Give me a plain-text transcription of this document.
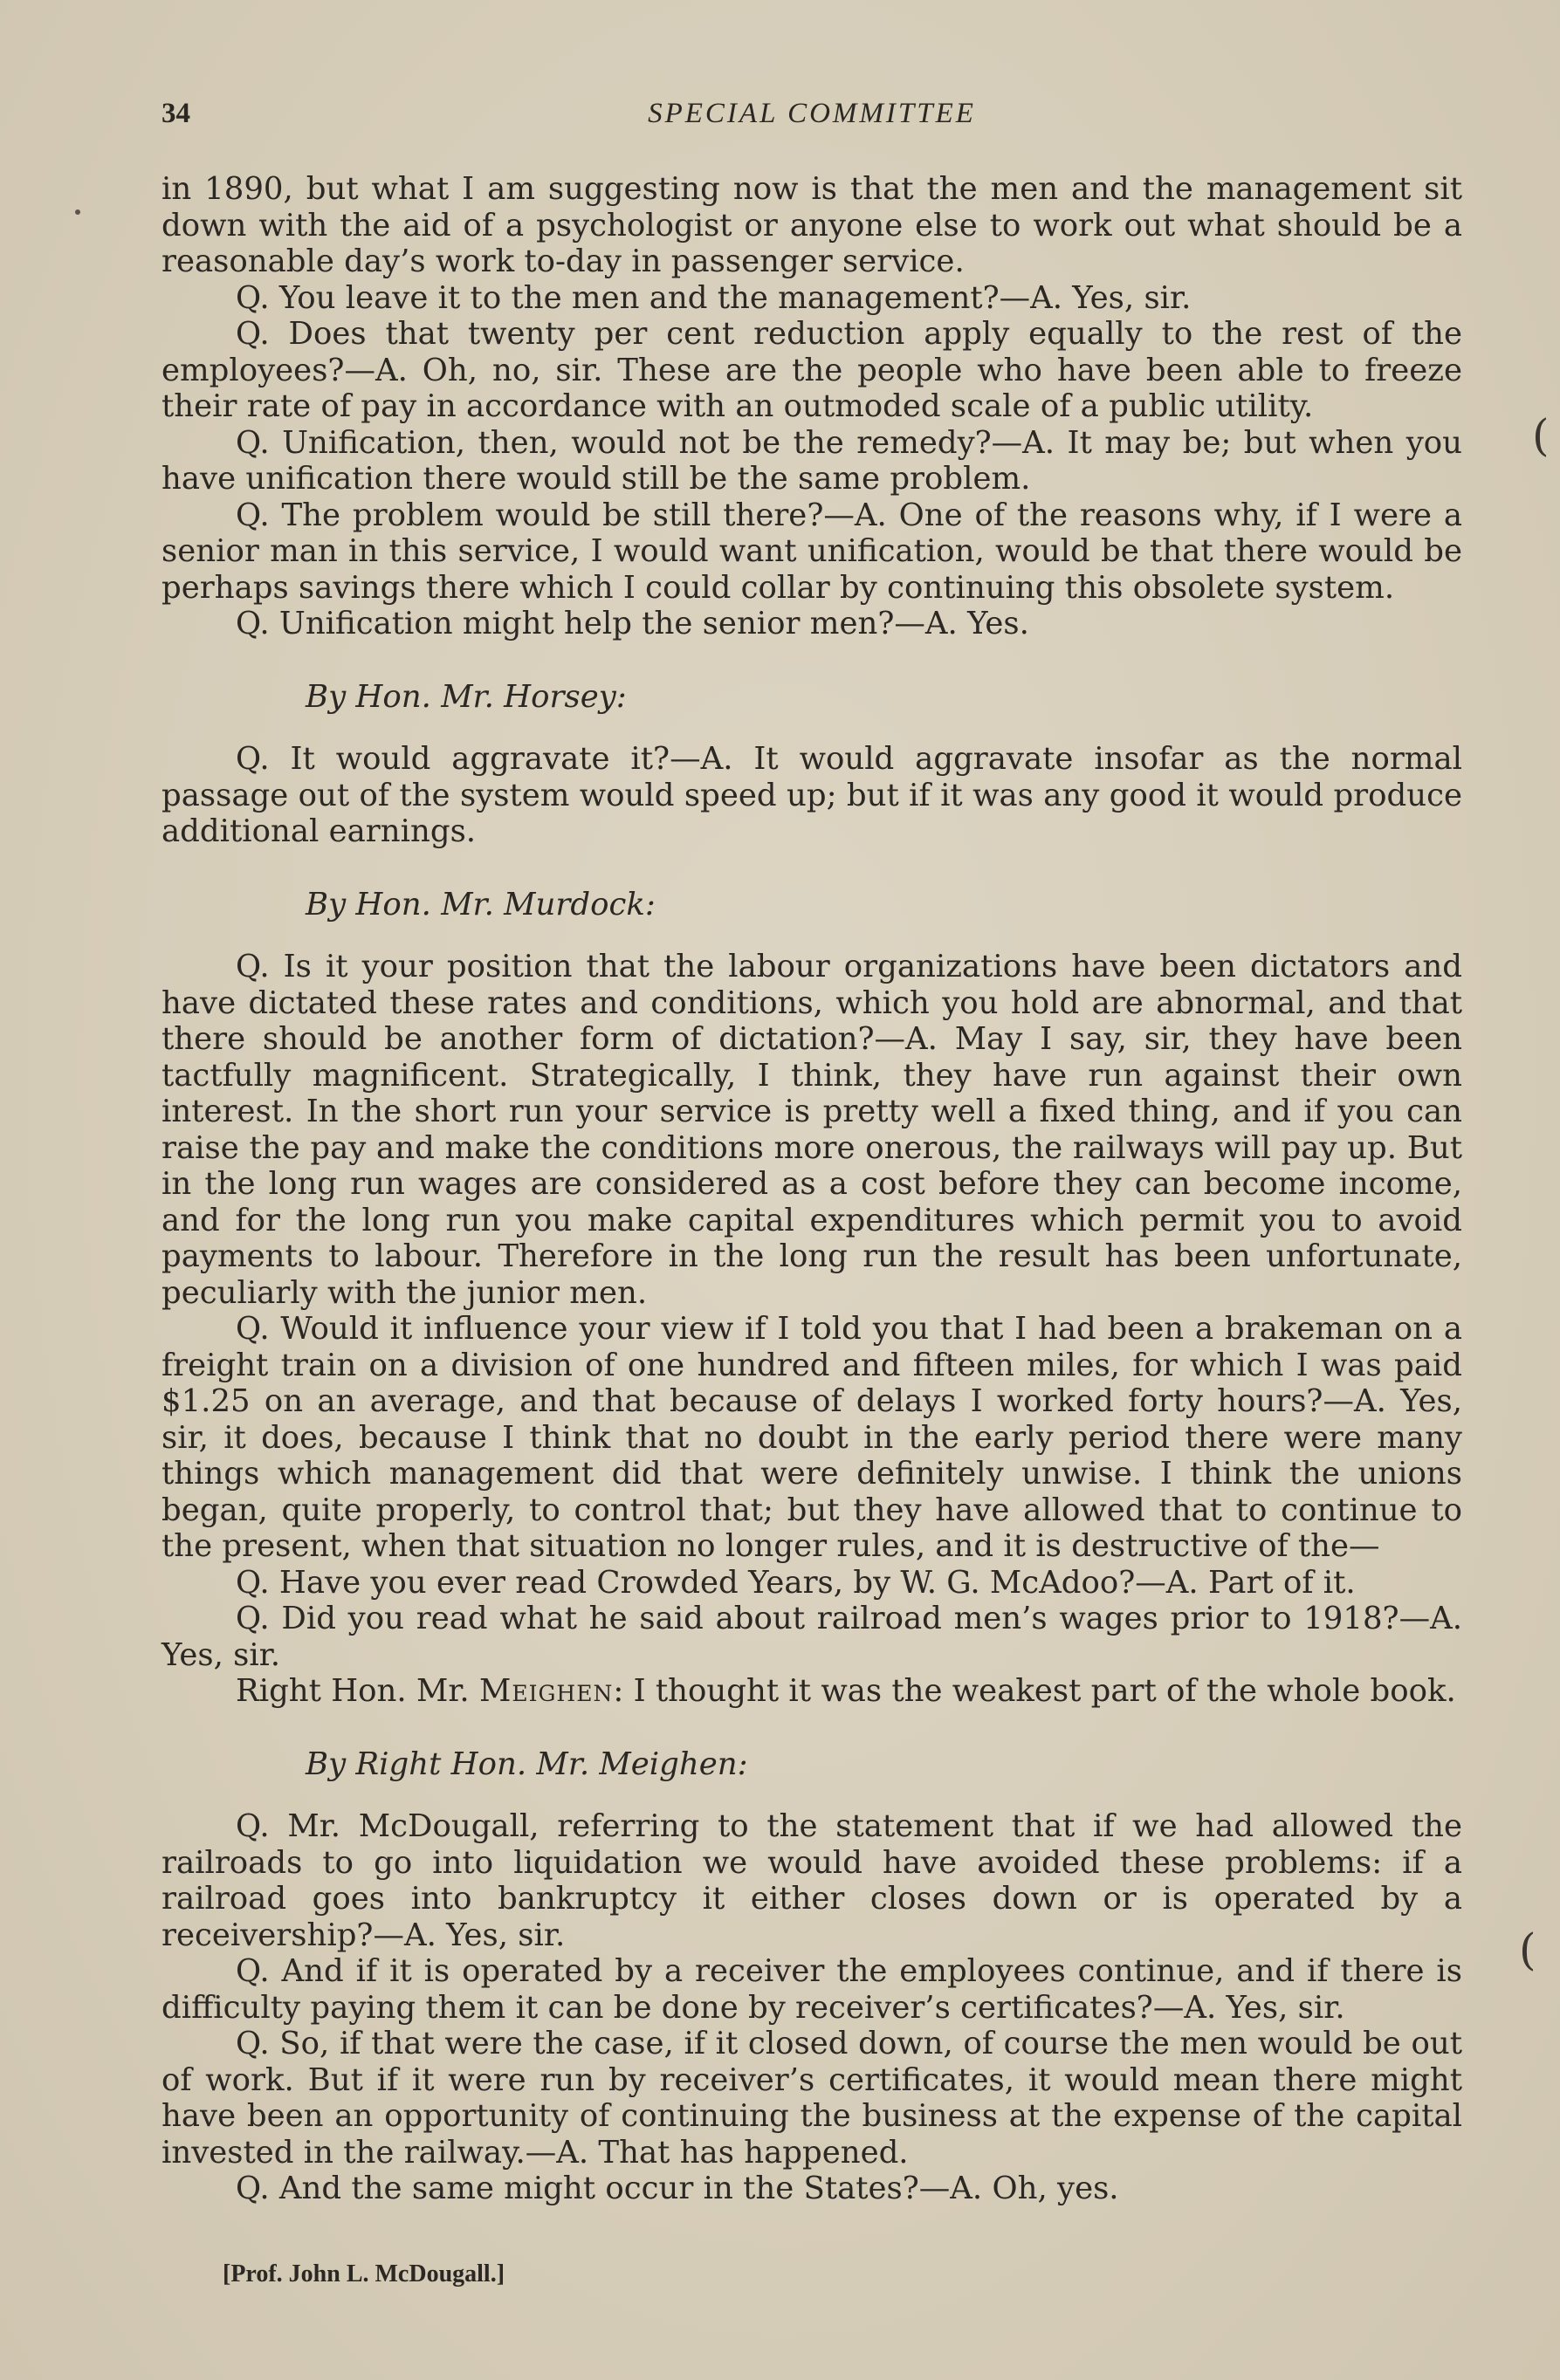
34	SPECIAL COMMITTEE

in 1890, but what I am suggesting now is that the men and the management sit down with the aid of a psychologist or anyone else to work out what should be a reasonable day’s work to-day in passenger service.

Q. You leave it to the men and the management?—A. Yes, sir.

Q. Does that twenty per cent reduction apply equally to the rest of the employees?—A. Oh, no, sir. These are the people who have been able to freeze their rate of pay in accordance with an outmoded scale of a public utility.

Q. Unification, then, would not be the remedy?—A. It may be; but when you have unification there would still be the same problem.

Q. The problem would be still there?—A. One of the reasons why, if I were a senior man in this service, I would want unification, would be that there would be perhaps savings there which I could collar by continuing this obsolete system.

Q. Unification might help the senior men?—A. Yes.

By Hon. Mr. Horsey:

Q. It would aggravate it?—A. It would aggravate insofar as the normal passage out of the system would speed up; but if it was any good it would produce additional earnings.

By Hon. Mr. Murdock:

Q. Is it your position that the labour organizations have been dictators and have dictated these rates and conditions, which you hold are abnormal, and that there should be another form of dictation?—A. May I say, sir, they have been tactfully magnificent. Strategically, I think, they have run against their own interest. In the short run your service is pretty well a fixed thing, and if you can raise the pay and make the conditions more onerous, the railways will pay up. But in the long run wages are considered as a cost before they can become income, and for the long run you make capital expenditures which permit you to avoid payments to labour. Therefore in the long run the result has been unfortunate, peculiarly with the junior men.

Q. Would it influence your view if I told you that I had been a brakeman on a freight train on a division of one hundred and fifteen miles, for which I was paid $1.25 on an average, and that because of delays I worked forty hours?—A. Yes, sir, it does, because I think that no doubt in the early period there were many things which management did that were definitely unwise. I think the unions began, quite properly, to control that; but they have allowed that to continue to the present, when that situation no longer rules, and it is destructive of the—

Q. Have you ever read Crowded Years, by W. G. McAdoo?—A. Part of it.

Q. Did you read what he said about railroad men’s wages prior to 1918?—A. Yes, sir.

Right Hon. Mr. Meighen: I thought it was the weakest part of the whole book.

By Right Hon. Mr. Meighen:

Q. Mr. McDougall, referring to the statement that if we had allowed the railroads to go into liquidation we would have avoided these problems: if a railroad goes into bankruptcy it either closes down or is operated by a receivership?—A. Yes, sir.

Q. And if it is operated by a receiver the employees continue, and if there is difficulty paying them it can be done by receiver’s certificates?—A. Yes, sir.

Q. So, if that were the case, if it closed down, of course the men would be out of work. But if it were run by receiver’s certificates, it would mean there might have been an opportunity of continuing the business at the expense of the capital invested in the railway.—A. That has happened.

Q. And the same might occur in the States?—A. Oh, yes.

[Prof. John L. McDougall.]
(
(
